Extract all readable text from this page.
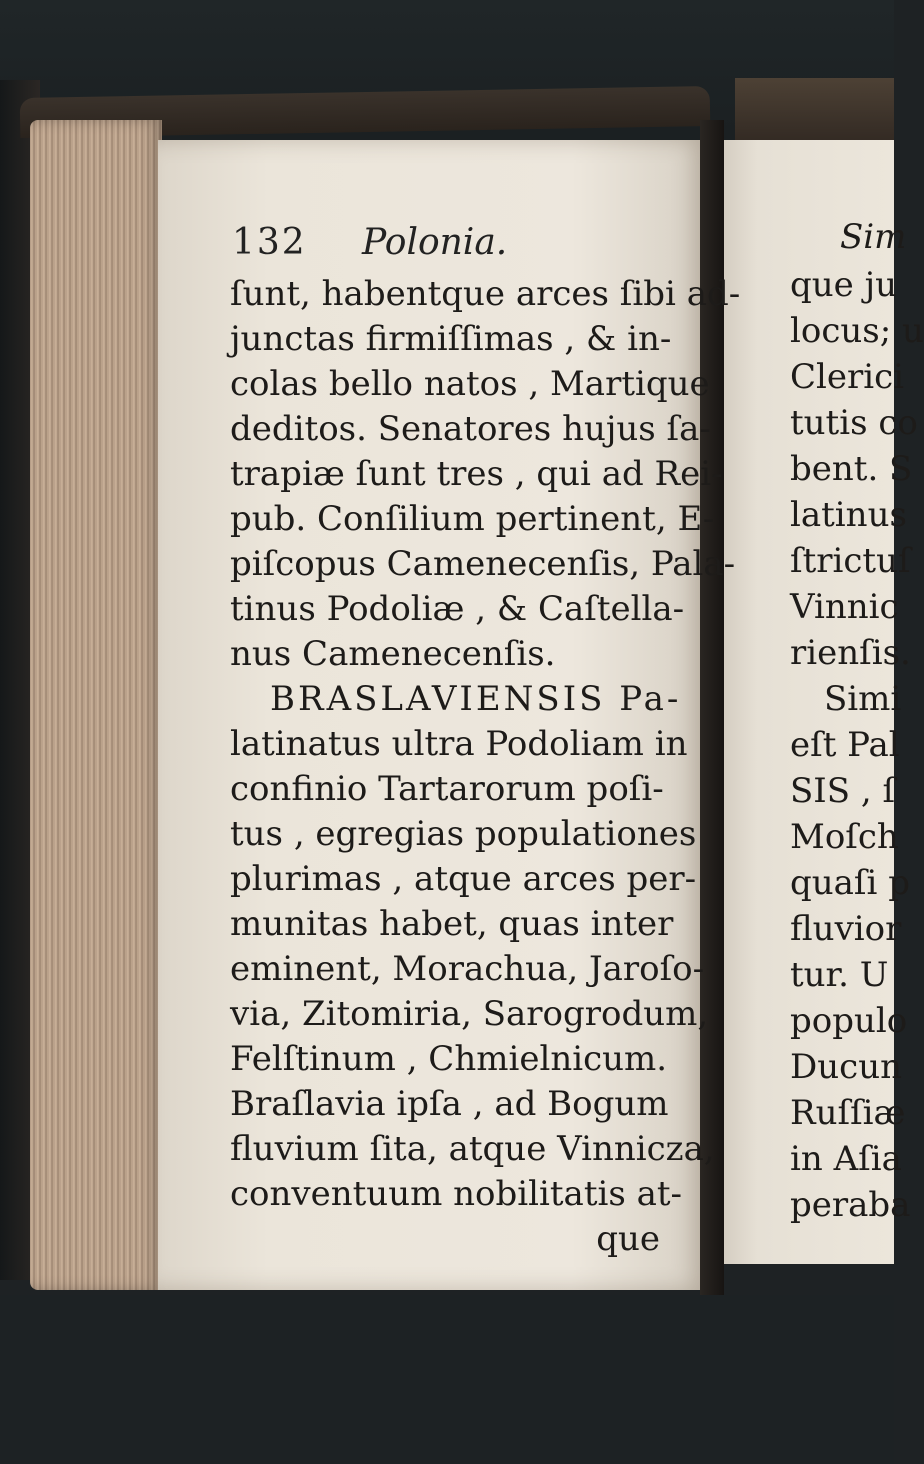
132 Polonia.
ſunt, habentque arces ſibi ad-
junctas firmiſſimas , & in-
colas bello natos , Martique
deditos. Senatores hujus ſa-
trapiæ ſunt tres , qui ad Rei-
pub. Conſilium pertinent, E-
piſcopus Camenecenſis, Pala-
tinus Podoliæ , & Caſtella-
nus Camenecenſis.
BRASLAVIENSIS Pa-
latinatus ultra Podoliam in
confinio Tartarorum poſi-
tus , egregias populationes
plurimas , atque arces per-
munitas habet, quas inter
eminent, Morachua, Jaroſo-
via, Zitomiria, Sarogrodum,
Felſtinum , Chmielnicum.
Braſlavia ipſa , ad Bogum
fluvium ſita, atque Vinnicza,
conventuum nobilitatis at-
que
Sim
que ju
locus; u
Clerici
tutis co
bent. S
latinus
ſtrictuſ
Vinnic
rienſis.
Simi
eſt Pal
SIS , ſ
Moſch
quaſi p
fluvior
tur. U
populo
Ducun
Ruſſiæ
in Aſia
peraba
